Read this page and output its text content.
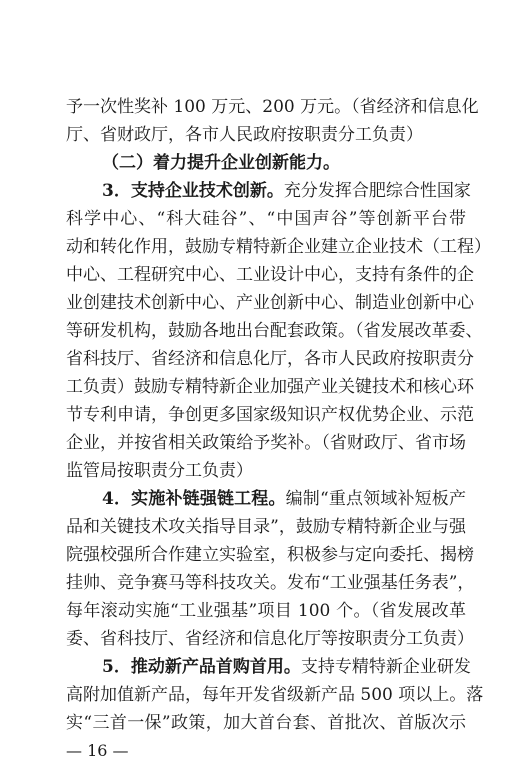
予一次性奖补 100 万元、200 万元。（省经济和信息化
厅、省财政厅，各市人民政府按职责分工负责）
（二）着力提升企业创新能力。
3．支持企业技术创新。充分发挥合肥综合性国家
科学中心、“科大硅谷”、“中国声谷”等创新平台带
动和转化作用，鼓励专精特新企业建立企业技术（工程）
中心、工程研究中心、工业设计中心，支持有条件的企
业创建技术创新中心、产业创新中心、制造业创新中心
等研发机构，鼓励各地出台配套政策。（省发展改革委、
省科技厅、省经济和信息化厅，各市人民政府按职责分
工负责）鼓励专精特新企业加强产业关键技术和核心环
节专利申请，争创更多国家级知识产权优势企业、示范
企业，并按省相关政策给予奖补。（省财政厅、省市场
监管局按职责分工负责）
4．实施补链强链工程。编制“重点领域补短板产
品和关键技术攻关指导目录”，鼓励专精特新企业与强
院强校强所合作建立实验室，积极参与定向委托、揭榜
挂帅、竞争赛马等科技攻关。发布“工业强基任务表”，
每年滚动实施“工业强基”项目 100 个。（省发展改革
委、省科技厅、省经济和信息化厅等按职责分工负责）
5．推动新产品首购首用。支持专精特新企业研发
高附加值新产品，每年开发省级新产品 500 项以上。落
实“三首一保”政策，加大首台套、首批次、首版次示
— 16 —
